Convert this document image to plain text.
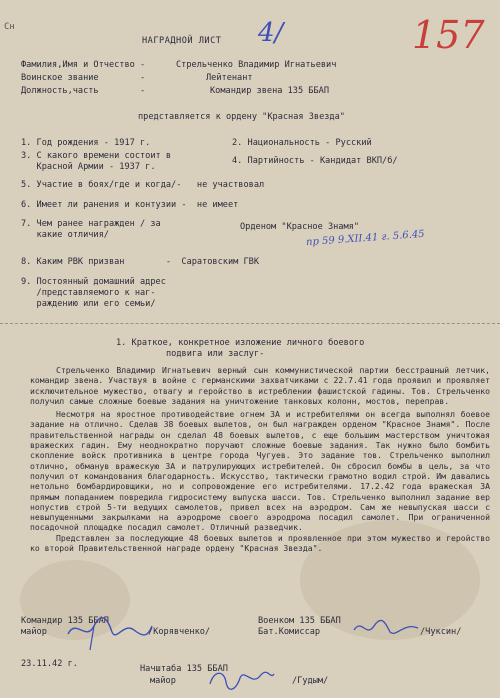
Сн
НАГРАДНОЙ ЛИСТ 4/	157
Фамилия,Имя и Отчество -	Стрельченко Владимир Игнатьевич
Воинское звание        -	Лейтенант
Должность,часть        -	Командир звена 135 ББАП
представляется к ордену "Красная Звезда"
1. Год рождения - 1917 г.	2. Национальность - Русский
3. С какого времени состоит в
Красной Армии - 1937 г.
4. Партийность - Кандидат ВКП/б/
5. Участие в боях/где и когда/-   не участвовал
6. Имеет ли ранения и контузии -  не имеет
7. Чем ранее награжден / за
какие отличия/
Орденом "Красное Знамя"
пр 59 9.XII.41 г. 5.6.45
8. Каким РВК призван        -  Саратовским ГВК
9. Постоянный домашний адрес
/представляемого к наг-
раждению или его семьи/
1. Краткое, конкретное изложение личного боевого
подвига или заслуг-

Стрельченко Владимир Игнатьевич верный сын коммунистической партии бесстрашный летчик, командир звена. Участвуя в войне с германскими захватчиками с 22.7.41 года проявил и проявляет исключительное мужество, отвагу и геройство в истреблении фашистской гадины. Тов. Стрельченко получил самые сложные боевые задания на уничтожение танковых колонн, мостов, переправ.

Несмотря на яростное противодействие огнем ЗА и истребителями он всегда выполнял боевое задание на отлично. Сделав 38 боевых вылетов, он был награжден орденом "Красное Знамя". После правительственной награды он сделал 48 боевых вылетов, с еще большим мастерством уничтожая вражеских гадин. Ему неоднократно поручают сложные боевые задания. Так нужно было бомбить скопление войск противника в центре города Чугуев. Это задание тов. Стрельченко выполнил отлично, обманув вражескую ЗА и патрулирующих истребителей. Он сбросил бомбы в цель, за что получил от командования благодарность. Искусство, тактически грамотно водил строй. Им давались нетольно бомбардировщики, но и сопровождение его истребителями. 17.2.42 года вражеская ЗА прямым попаданием повредила гидросистему выпуска шасси. Тов. Стрельченко выполнил задание вер нопустив строй 5-ти ведущих самолетов, привел всех на аэродром. Сам же невыпуская шасси с невыпущенными закрылками на аэродроме своего аэродрома посадил самолет. При ограниченной посадочной площадке посадил самолет. Отличный разведчик.

Представлен за последующие 48 боевых вылетов и проявленное при этом мужество и геройство ко второй Правительственной награде ордену "Красная Звезда".

Командир 135 ББАП
майор	/Корявченко/
Военком 135 ББАП
Бат.Комиссар	/Чуксин/
23.11.42 г.	Начштаба 135 ББАП
майор	/Гудым/
